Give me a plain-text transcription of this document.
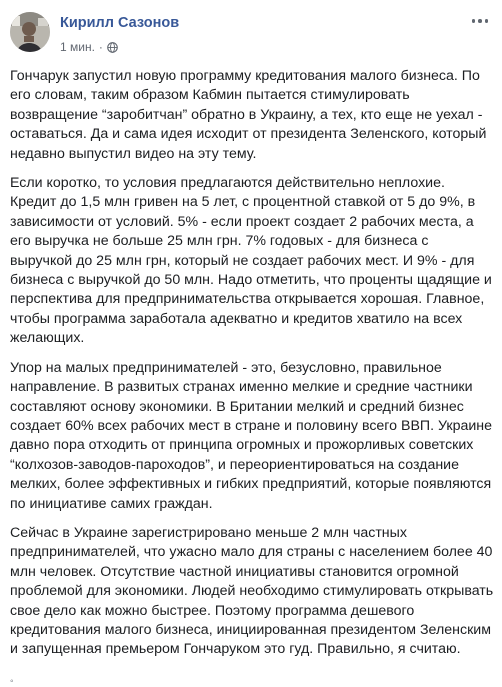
Кирилл Сазонов
1 мин. ·

Гончарук запустил новую программу кредитования малого бизнеса. По его словам, таким образом Кабмин пытается стимулировать возвращение “заробитчан” обратно в Украину, а тех, кто еще не уехал - оставаться. Да и сама идея исходит от президента Зеленского, который недавно выпустил видео на эту тему.

Если коротко, то условия предлагаются действительно неплохие. Кредит до 1,5 млн гривен на 5 лет, с процентной ставкой от 5 до 9%, в зависимости от условий. 5% - если проект создает 2 рабочих места, а его выручка не больше 25 млн грн. 7% годовых - для бизнеса с выручкой до 25 млн грн, который не создает рабочих мест. И 9% - для бизнеса с выручкой до 50 млн. Надо отметить, что проценты щадящие и перспектива для предпринимательства открывается хорошая. Главное, чтобы программа заработала адекватно и кредитов хватило на всех желающих.

Упор на малых предпринимателей - это, безусловно, правильное направление. В развитых странах именно мелкие и средние частники составляют основу экономики. В Британии мелкий и средний бизнес создает 60% всех рабочих мест в стране и половину всего ВВП. Украине давно пора отходить от принципа огромных и прожорливых советских “колхозов-заводов-пароходов”, и переориентироваться на создание мелких, более эффективных и гибких предприятий, которые появляются по инициативе самих граждан.

Сейчас в Украине зарегистрировано меньше 2 млн частных предпринимателей, что ужасно мало для страны с населением более 40 млн человек. Отсутствие частной инициативы становится огромной проблемой для экономики. Людей необходимо стимулировать открывать свое дело как можно быстрее. Поэтому программа дешевого кредитования малого бизнеса, инициированная президентом Зеленским и запущенная премьером Гончаруком это гуд. Правильно, я считаю.

◦
